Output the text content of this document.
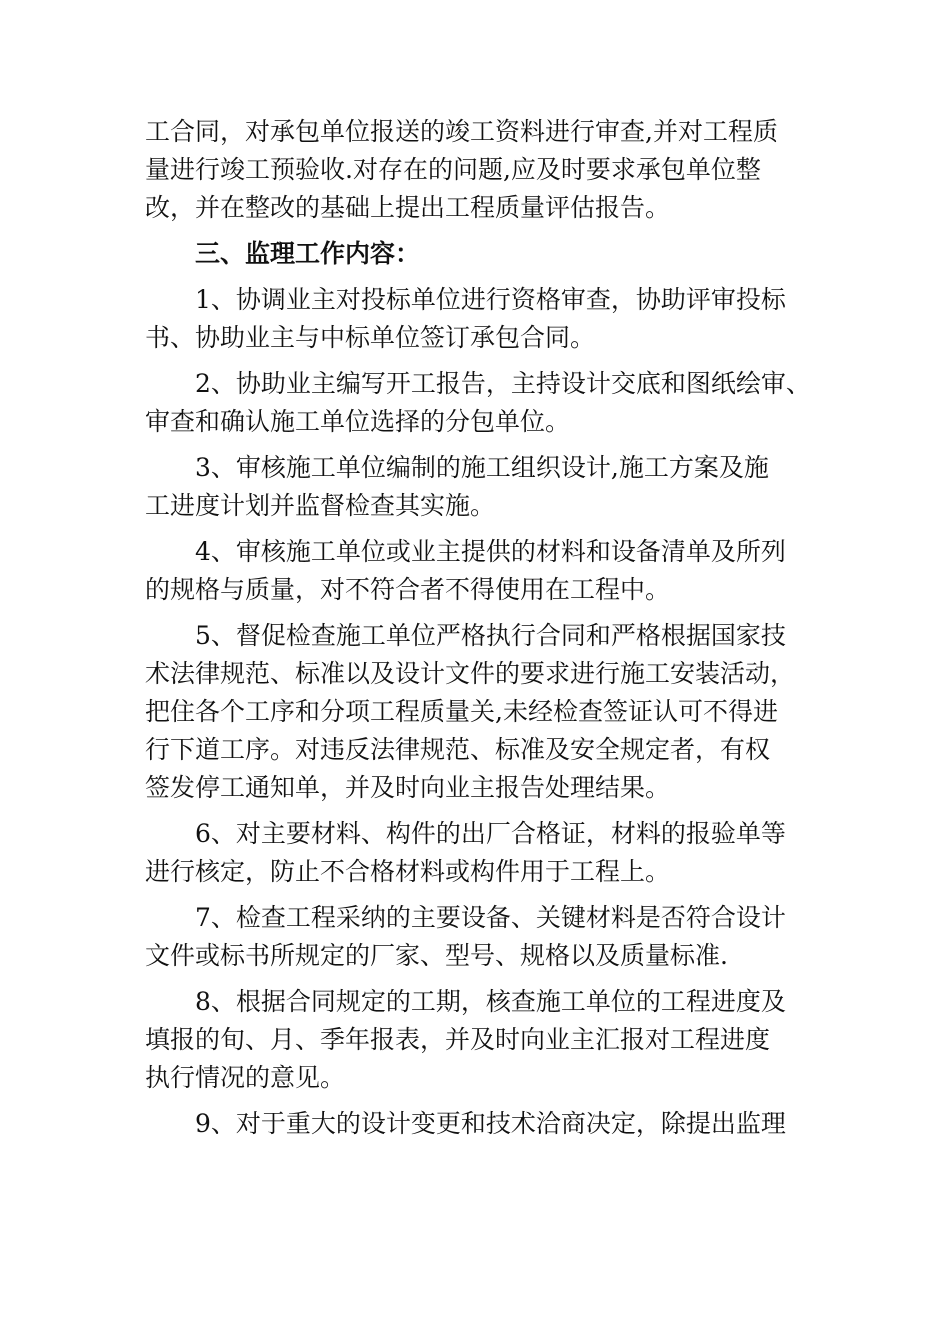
工合同，对承包单位报送的竣工资料进行审查,并对工程质
量进行竣工预验收.对存在的问题,应及时要求承包单位整
改，并在整改的基础上提出工程质量评估报告。
三、监理工作内容：
1、协调业主对投标单位进行资格审查，协助评审投标
书、协助业主与中标单位签订承包合同。
2、协助业主编写开工报告，主持设计交底和图纸绘审、
审查和确认施工单位选择的分包单位。
3、审核施工单位编制的施工组织设计,施工方案及施
工进度计划并监督检查其实施。
4、审核施工单位或业主提供的材料和设备清单及所列
的规格与质量，对不符合者不得使用在工程中。
5、督促检查施工单位严格执行合同和严格根据国家技
术法律规范、标准以及设计文件的要求进行施工安装活动，
把住各个工序和分项工程质量关,未经检查签证认可不得进
行下道工序。对违反法律规范、标准及安全规定者，有权
签发停工通知单，并及时向业主报告处理结果。
6、对主要材料、构件的出厂合格证，材料的报验单等
进行核定，防止不合格材料或构件用于工程上。
7、检查工程采纳的主要设备、关键材料是否符合设计
文件或标书所规定的厂家、型号、规格以及质量标准.
8、根据合同规定的工期，核查施工单位的工程进度及
填报的旬、月、季年报表，并及时向业主汇报对工程进度
执行情况的意见。
9、对于重大的设计变更和技术洽商决定，除提出监理
